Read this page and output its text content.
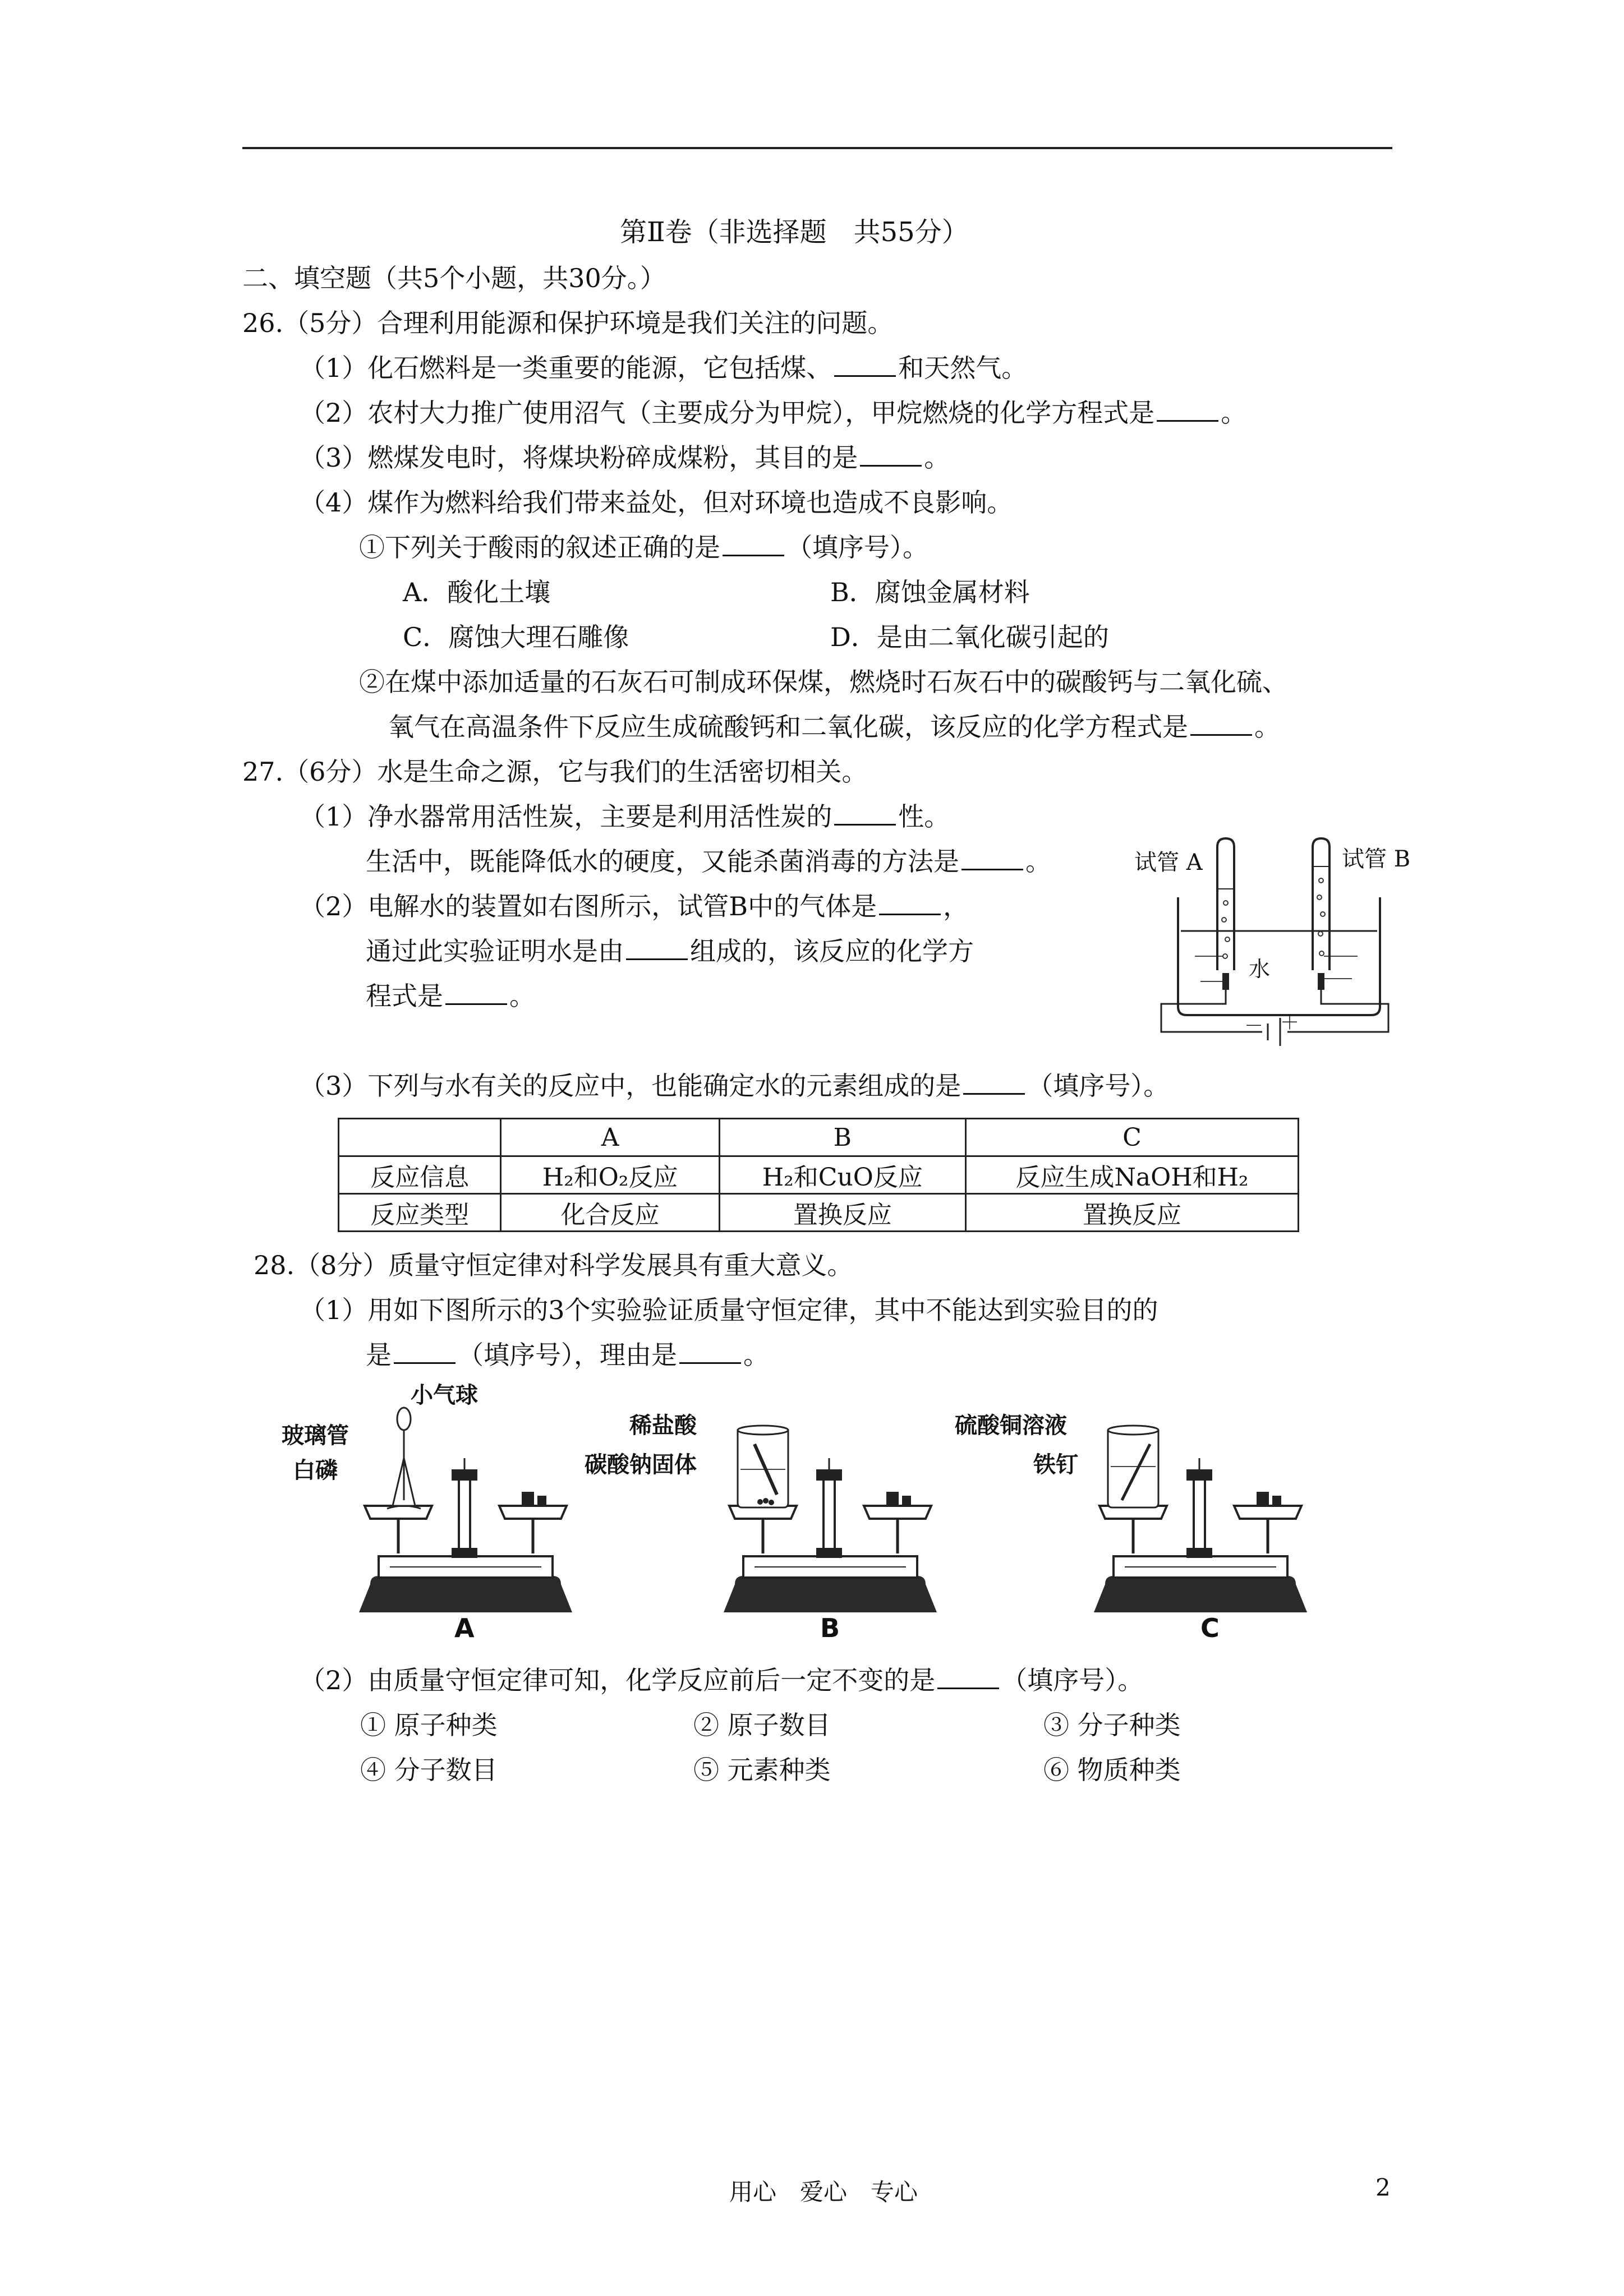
第Ⅱ卷（非选择题　共55分）
二、填空题（共5个小题，共30分。）
26.（5分）合理利用能源和保护环境是我们关注的问题。
（1）化石燃料是一类重要的能源，它包括煤、	和天然气。
（2）农村大力推广使用沼气（主要成分为甲烷），甲烷燃烧的化学方程式是	。
（3）燃煤发电时，将煤块粉碎成煤粉，其目的是	。
（4）煤作为燃料给我们带来益处，但对环境也造成不良影响。
①下列关于酸雨的叙述正确的是	（填序号）。
A．酸化土壤	B．腐蚀金属材料
C．腐蚀大理石雕像	D．是由二氧化碳引起的
②在煤中添加适量的石灰石可制成环保煤，燃烧时石灰石中的碳酸钙与二氧化硫、
氧气在高温条件下反应生成硫酸钙和二氧化碳，该反应的化学方程式是	。
27.（6分）水是生命之源，它与我们的生活密切相关。
（1）净水器常用活性炭，主要是利用活性炭的	性。
生活中，既能降低水的硬度，又能杀菌消毒的方法是	。
（2）电解水的装置如右图所示，试管B中的气体是	，
通过此实验证明水是由	组成的，该反应的化学方
程式是	。
（3）下列与水有关的反应中，也能确定水的元素组成的是	（填序号）。
试管 A	试管 B
水
－ ＋
	A	B	C
反应信息	H₂和O₂反应	H₂和CuO反应	反应生成NaOH和H₂
反应类型	化合反应	置换反应	置换反应
28.（8分）质量守恒定律对科学发展具有重大意义。
（1）用如下图所示的3个实验验证质量守恒定律，其中不能达到实验目的的
是	（填序号），理由是	。
小气球
玻璃管
白磷
A
稀盐酸
碳酸钠固体
B
硫酸铜溶液
铁钉
C
（2）由质量守恒定律可知，化学反应前后一定不变的是	（填序号）。
① 原子种类	② 原子数目	③ 分子种类
④ 分子数目	⑤ 元素种类	⑥ 物质种类
用心　爱心　专心	2
